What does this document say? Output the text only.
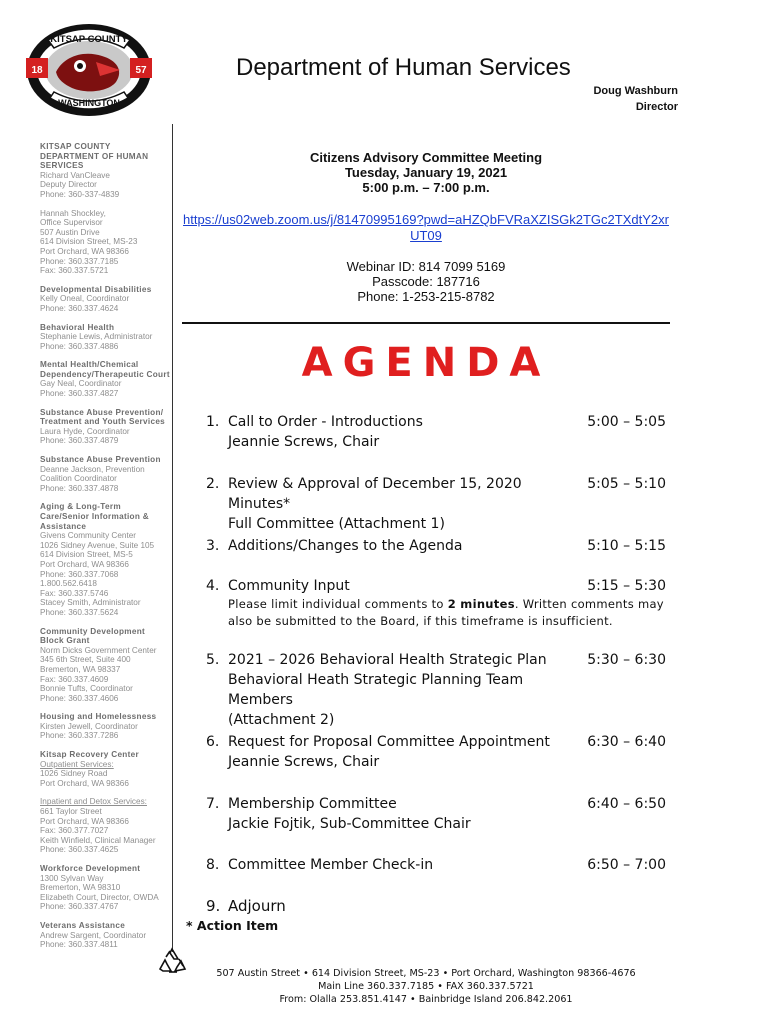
18	57
KITSAP COUNTY
WASHINGTON
Department of Human Services
Doug Washburn
Director
KITSAP COUNTY
DEPARTMENT OF HUMAN
SERVICES
Richard VanCleave
Deputy Director
Phone: 360-337-4839
Hannah Shockley,
Office Supervisor
507 Austin Drive
614 Division Street, MS-23
Port Orchard, WA 98366
Phone: 360.337.7185
Fax: 360.337.5721
Developmental Disabilities
Kelly Oneal, Coordinator
Phone: 360.337.4624
Behavioral Health
Stephanie Lewis, Administrator
Phone: 360.337.4886
Mental Health/Chemical
Dependency/Therapeutic Court
Gay Neal, Coordinator
Phone: 360.337.4827
Substance Abuse Prevention/
Treatment and Youth Services
Laura Hyde, Coordinator
Phone: 360.337.4879
Substance Abuse Prevention
Deanne Jackson, Prevention
Coalition Coordinator
Phone: 360.337.4878
Aging & Long-Term
Care/Senior Information &
Assistance
Givens Community Center
1026 Sidney Avenue, Suite 105
614 Division Street, MS-5
Port Orchard, WA 98366
Phone: 360.337.7068
1.800.562.6418
Fax: 360.337.5746
Stacey Smith, Administrator
Phone: 360.337.5624
Community Development
Block Grant
Norm Dicks Government Center
345 6th Street, Suite 400
Bremerton, WA 98337
Fax: 360.337.4609
Bonnie Tufts, Coordinator
Phone: 360.337.4606
Housing and Homelessness
Kirsten Jewell, Coordinator
Phone: 360.337.7286
Kitsap Recovery Center
Outpatient Services:
1026 Sidney Road
Port Orchard, WA 98366
Inpatient and Detox Services:
661 Taylor Street
Port Orchard, WA 98366
Fax: 360.377.7027
Keith Winfield, Clinical Manager
Phone: 360.337.4625
Workforce Development
1300 Sylvan Way
Bremerton, WA 98310
Elizabeth Court, Director, OWDA
Phone: 360.337.4767
Veterans Assistance
Andrew Sargent, Coordinator
Phone: 360.337.4811
Citizens Advisory Committee Meeting
Tuesday, January 19, 2021
5:00 p.m. – 7:00 p.m.
https://us02web.zoom.us/j/81470995169?pwd=aHZQbFVRaXZISGk2TGc2TXdtY2xrUT09
Webinar ID: 814 7099 5169
Passcode: 187716
Phone: 1-253-215-8782
AGENDA
1. Call to Order - Introductions
Jeannie Screws, Chair
5:00 – 5:05
2. Review & Approval of December 15, 2020 Minutes*
Full Committee (Attachment 1)
5:05 – 5:10
3. Additions/Changes to the Agenda	5:10 – 5:15
4. Community Input
Please limit individual comments to 2 minutes. Written comments may also be submitted to the Board, if this timeframe is insufficient.
5:15 – 5:30
5. 2021 – 2026 Behavioral Health Strategic Plan
Behavioral Heath Strategic Planning Team Members
(Attachment 2)
5:30 – 6:30
6. Request for Proposal Committee Appointment
Jeannie Screws, Chair
6:30 – 6:40
7. Membership Committee
Jackie Fojtik, Sub-Committee Chair
6:40 – 6:50
8. Committee Member Check-in	6:50 – 7:00
9. Adjourn
* Action Item
507 Austin Street • 614 Division Street, MS-23 • Port Orchard, Washington 98366-4676
Main Line 360.337.7185 • FAX 360.337.5721
From: Olalla 253.851.4147 • Bainbridge Island 206.842.2061
